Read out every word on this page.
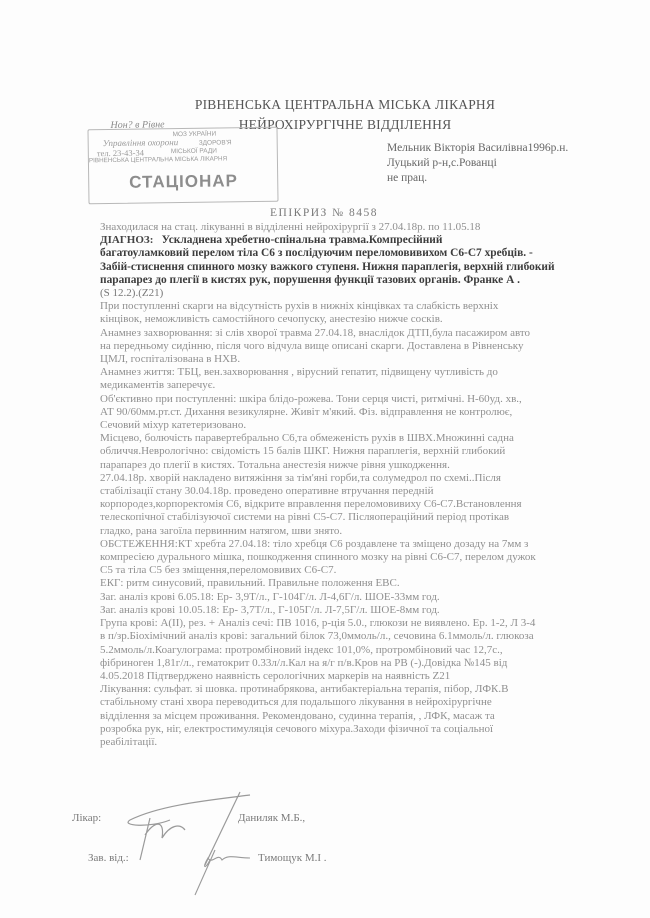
РІВНЕНСЬКА ЦЕНТРАЛЬНА МІСЬКА ЛІКАРНЯ
НЕЙРОХІРУРГІЧНЕ ВІДДІЛЕННЯ
Нон? в Рівне
МОЗ УКРАЇНИ
Управління охорони	ЗДОРОВ'Я
тел. 23-43-34	МІСЬКОЇ РАДИ
РІВНЕНСЬКА ЦЕНТРАЛЬНА МІСЬКА ЛІКАРНЯ
СТАЦІОНАР
Мельник Вікторія Василівна1996р.н.
Луцький р-н,с.Рованці
не прац.
ЕПІКРИЗ № 8458

Знаходилася на стац. лікуванні в відділенні нейрохірургії з 27.04.18р. по 11.05.18

ДІАГНОЗ: Ускладнена хребетно-спінальна травма.Компресійний

багатоуламковий перелом тіла С6 з послідуючим переломовивихом С6-С7 хребців. -

Забій-стиснення спинного мозку важкого ступеня. Нижня параплегія, верхній глибокий

парапарез до плегії в кистях рук, порушення функції тазових органів. Франке А .

(S 12.2).(Z21)

При поступленні скарги на відсутність рухів в нижніх кінцівках та слабкість верхніх

кінцівок, неможливість самостійного сечопуску, анестезію нижче сосків.

Анамнез захворювання: зі слів хворої травма 27.04.18, внаслідок ДТП,була пасажиром авто

на передньому сидінню, після чого відчула вище описані скарги. Доставлена в Рівненську

ЦМЛ, госпіталізована в НХВ.

Анамнез життя: ТБЦ, вен.захворювання , вірусний гепатит, підвищену чутливість до

медикаментів заперечує.

Об'єктивно при поступленні: шкіра блідо-рожева. Тони серця чисті, ритмічні. Н-60уд. хв.,

АТ 90/60мм.рт.ст. Дихання везикулярне. Живіт м'який. Фіз. відправлення не контролює,

Сечовий міхур катетеризовано.

Місцево, болючість паравертебрально С6,та обмеженість рухів в ШВХ.Множинні садна

обличчя.Неврологічно: свідомість 15 балів ШКГ. Нижня параплегія, верхній глибокий

парапарез до плегії в кистях. Тотальна анестезія нижче рівня ушкодження.

27.04.18р. хворій накладено витяжіння за тім'яні горби,та солумедрол по схемі..Після

стабілізації стану 30.04.18р. проведено оперативне втручання передній

корпородез,корпоректомія С6, відкрите вправлення переломовивиху С6-С7.Встановлення

телескопічної стабілізуючої системи на рівні С5-С7. Післяопераційний період протікав

гладко, рана загоїла первинним натягом, шви знято.

ОБСТЕЖЕННЯ:КТ хребта 27.04.18: тіло хребця С6 роздавлене та зміщено дозаду на 7мм з

компресією дурального мішка, пошкодження спинного мозку на рівні С6-С7, перелом дужок

С5 та тіла С5 без зміщення,переломовивих С6-С7.

ЕКГ: ритм синусовий, правильний. Правильне положення ЕВС.

Заг. аналіз крові 6.05.18: Ер- 3,9Т/л., Г-104Г/л. Л-4,6Г/л. ШОЕ-33мм год.

Заг. аналіз крові 10.05.18: Ер- 3,7Т/л., Г-105Г/л. Л-7,5Г/л. ШОЕ-8мм год.

Група крові: А(ІІ), рез. + Аналіз сечі: ПВ 1016, р-ція 5.0., глюкози не виявлено. Ер. 1-2, Л 3-4

в п/зр.Біохімічний аналіз крові: загальний білок 73,0ммоль/л., сечовина 6.1ммоль/л. глюкоза

5.2ммоль/л.Коагулограма: протромбіновий індекс 101,0%, протромбіновий час 12,7с.,

фібриноген 1,81г/л., гематокрит 0.33л/л.Кал на я/г п/в.Кров на РВ (-).Довідка №145 від

4.05.2018 Підтверджено наявність серологічних маркерів на наявність Z21

Лікування: сульфат. зі шовка. протинабрякова, антибактеріальна терапія, пібор, ЛФК.В

стабільному стані хвора переводиться для подальшого лікування в нейрохірургічне

відділення за місцем проживання. Рекомендовано, судинна терапія, , ЛФК, масаж та

розробка рук, ніг, електростимуляція сечового міхура.Заходи фізичної та соціальної

реабілітації.

Лікар:	Даниляк М.Б.,
Зав. від.:	Тимощук М.І .
